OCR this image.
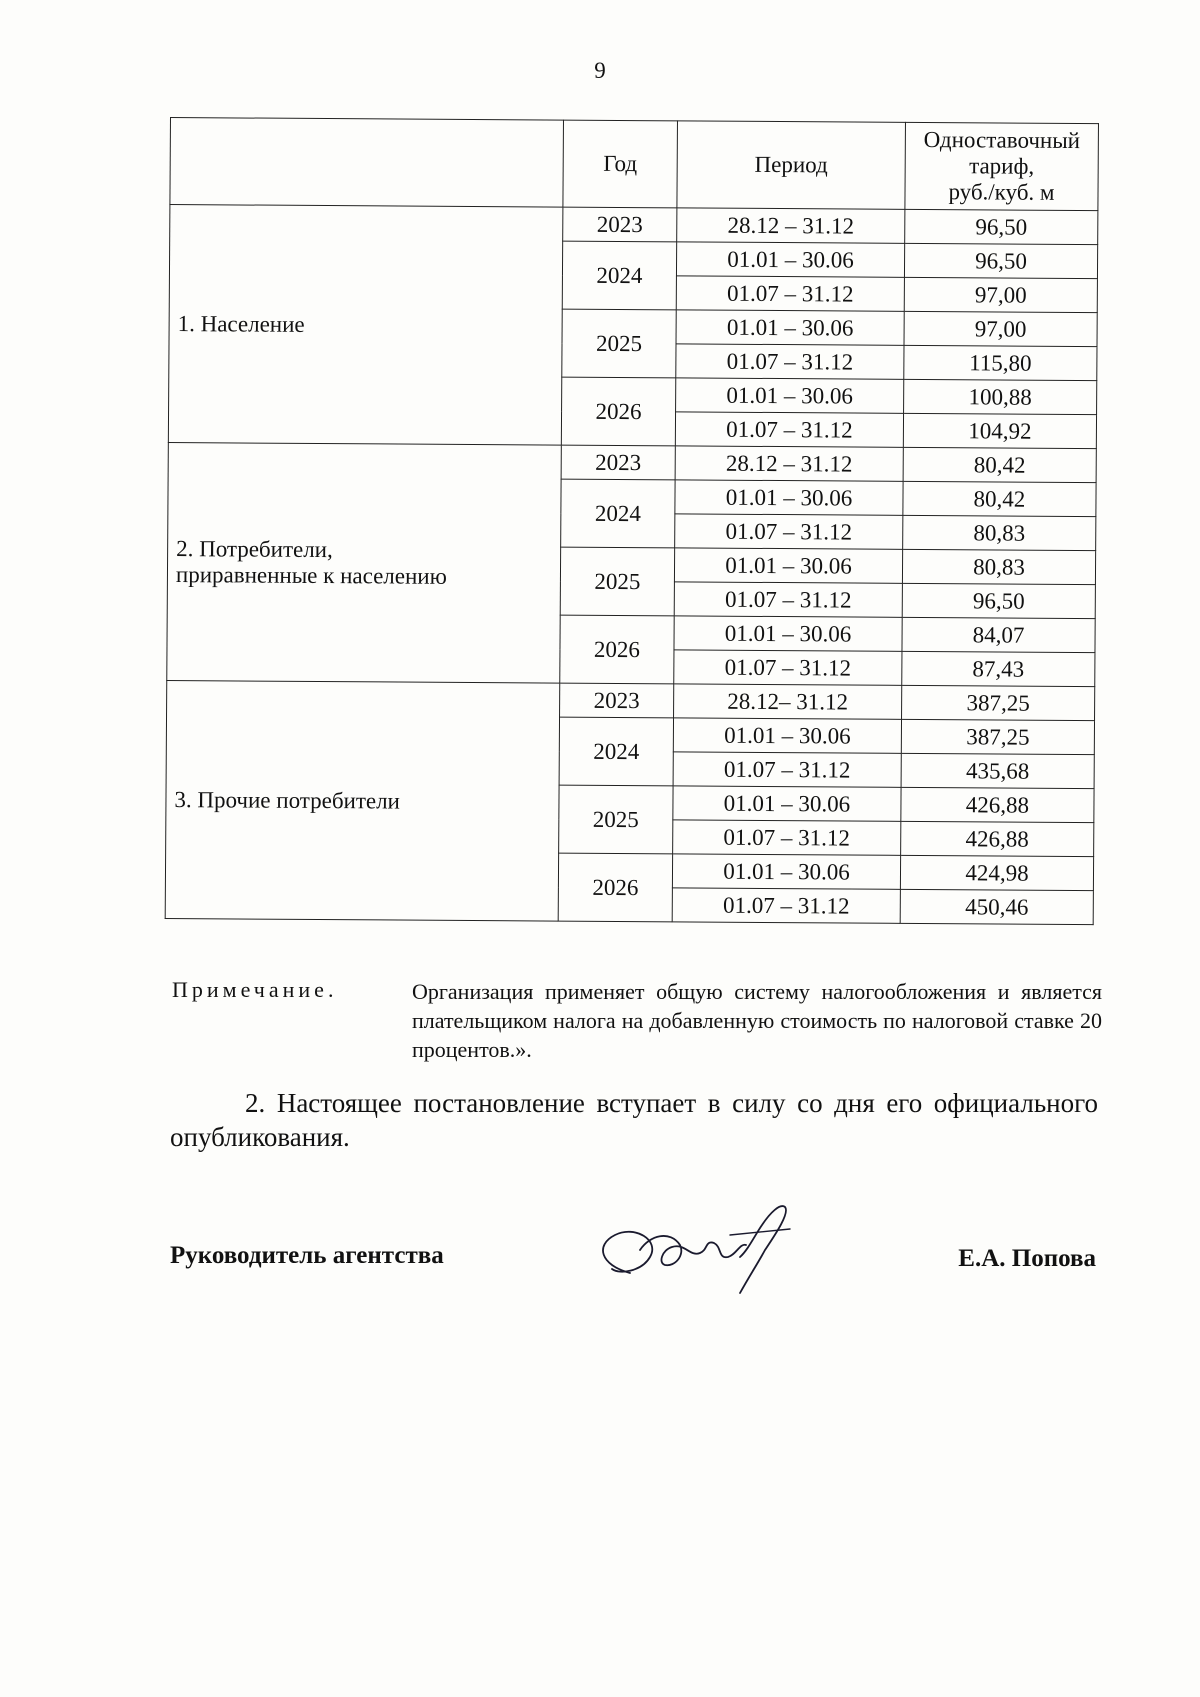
9
	Год	Период	Одноставочный
тариф,
руб./куб. м

1. Население	2023	28.12 – 31.12	96,50
	2024	01.01 – 30.06	96,50
		01.07 – 31.12	97,00
	2025	01.01 – 30.06	97,00
		01.07 – 31.12	115,80
	2026	01.01 – 30.06	100,88
		01.07 – 31.12	104,92

2. Потребители,
приравненные к населению	2023	28.12 – 31.12	80,42
	2024	01.01 – 30.06	80,42
		01.07 – 31.12	80,83
	2025	01.01 – 30.06	80,83
		01.07 – 31.12	96,50
	2026	01.01 – 30.06	84,07
		01.07 – 31.12	87,43

3. Прочие потребители	2023	28.12– 31.12	387,25
	2024	01.01 – 30.06	387,25
		01.07 – 31.12	435,68
	2025	01.01 – 30.06	426,88
		01.07 – 31.12	426,88
	2026	01.01 – 30.06	424,98
		01.07 – 31.12	450,46
Примечание.	Организация применяет общую систему налогообложения и является плательщиком налога на добавленную стоимость по налоговой ставке 20 процентов.».
2. Настоящее постановление вступает в силу со дня его официального опубликования.
Руководитель агентства	Е.А. Попова
